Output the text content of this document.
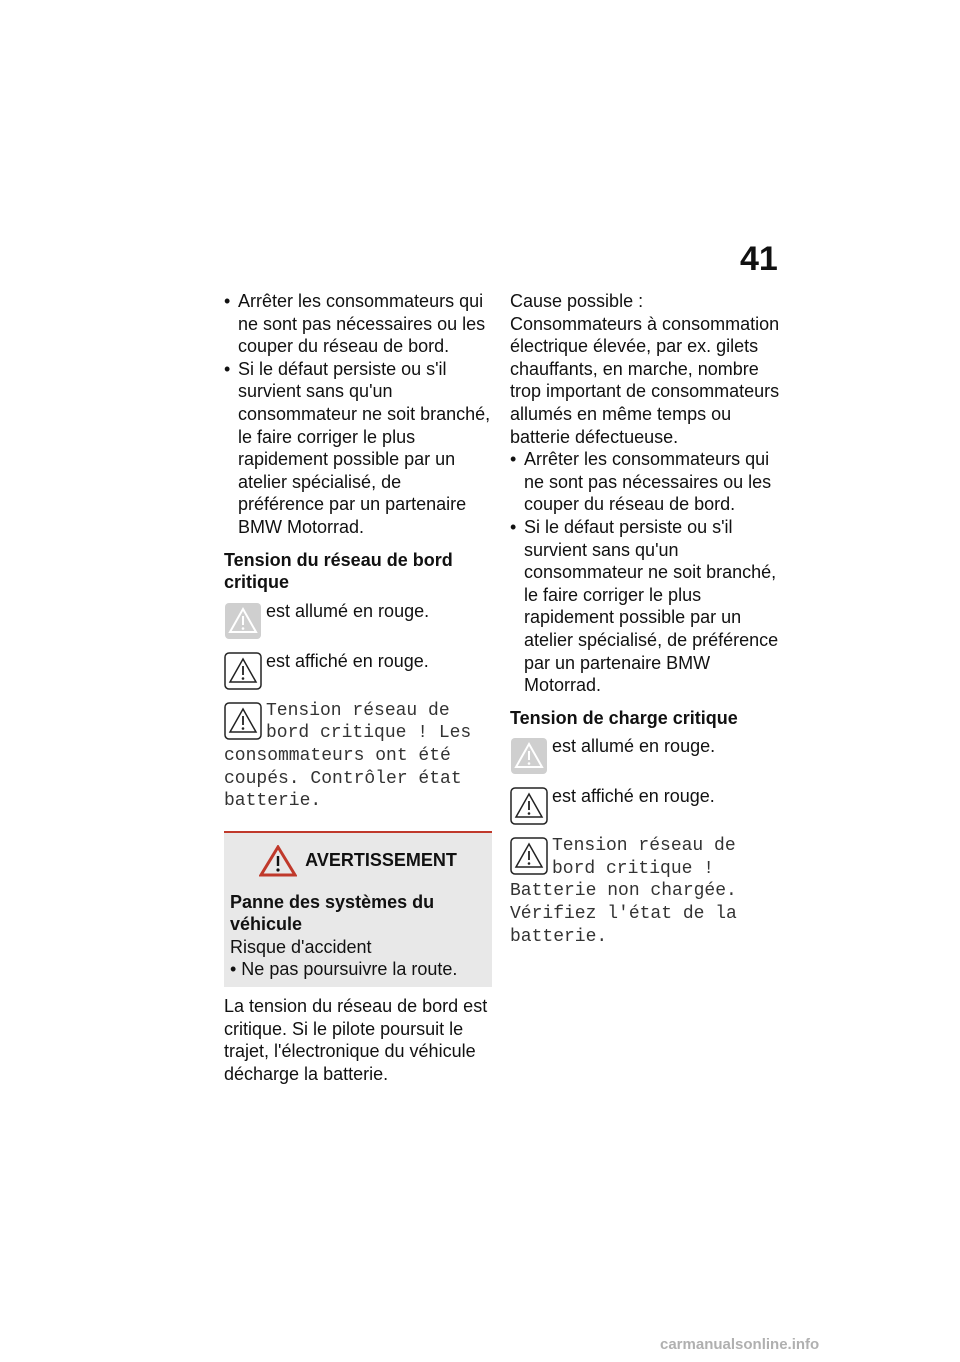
41
• Arrêter les consommateurs qui ne sont pas nécessaires ou les couper du réseau de bord.
• Si le défaut persiste ou s'il survient sans qu'un consommateur ne soit branché, le faire corriger le plus rapidement possible par un atelier spécialisé, de préférence par un partenaire BMW Motorrad.
Tension du réseau de bord critique
est allumé en rouge.
est affiché en rouge.
Tension réseau de bord critique ! Les consommateurs ont été coupés. Contrôler état batterie.
AVERTISSEMENT
Panne des systèmes du véhicule
Risque d'accident
• Ne pas poursuivre la route.

La tension du réseau de bord est critique. Si le pilote poursuit le trajet, l'électronique du véhicule décharge la batterie.

Cause possible : Consommateurs à consommation électrique élevée, par ex. gilets chauffants, en marche, nombre trop important de consommateurs allumés en même temps ou batterie défectueuse.

• Arrêter les consommateurs qui ne sont pas nécessaires ou les couper du réseau de bord.
• Si le défaut persiste ou s'il survient sans qu'un consommateur ne soit branché, le faire corriger le plus rapidement possible par un atelier spécialisé, de préférence par un partenaire BMW Motorrad.
Tension de charge critique
est allumé en rouge.
est affiché en rouge.
Tension réseau de bord critique ! Batterie non chargée. Vérifiez l'état de la batterie.
carmanualsonline.info
